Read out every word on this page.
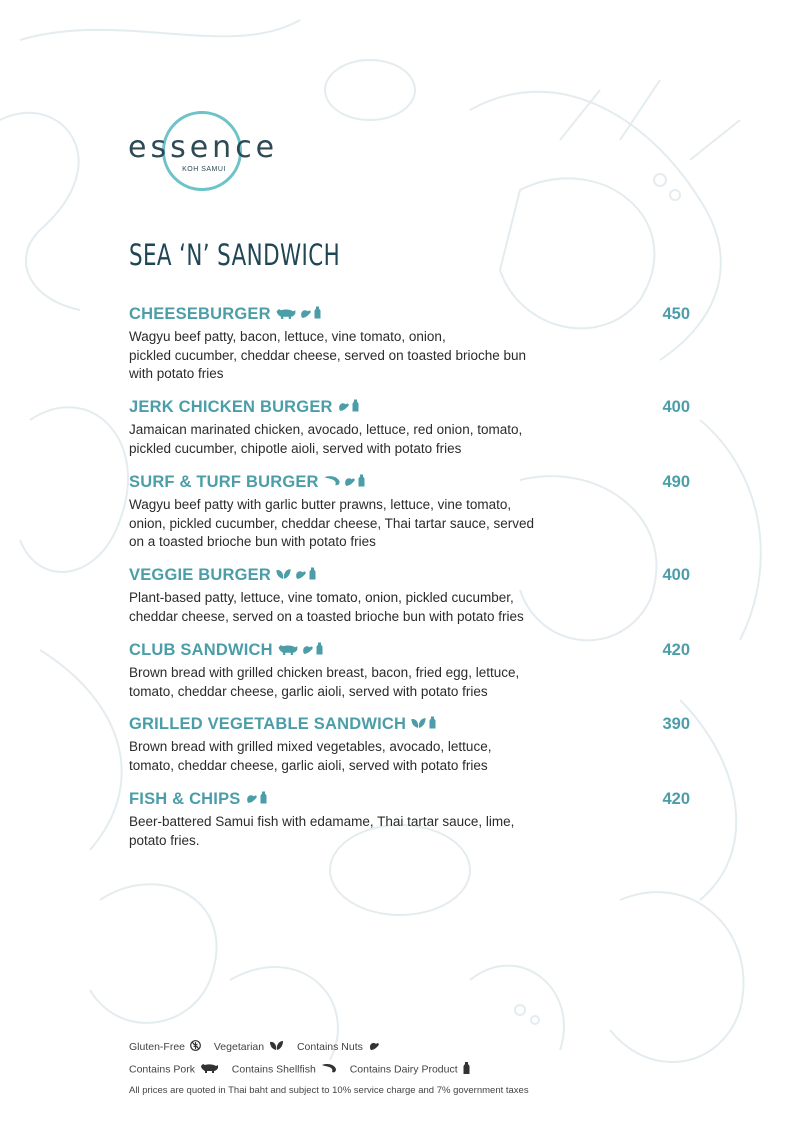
essence
KOH SAMUI
SEA ‘N’ SANDWICH
CHEESEBURGER	450
Wagyu beef patty, bacon, lettuce, vine tomato, onion,
pickled cucumber, cheddar cheese, served on toasted brioche bun
with potato fries
JERK CHICKEN BURGER	400
Jamaican marinated chicken, avocado, lettuce, red onion, tomato,
pickled cucumber, chipotle aioli, served with potato fries
SURF & TURF BURGER	490
Wagyu beef patty with garlic butter prawns, lettuce, vine tomato,
onion, pickled cucumber, cheddar cheese, Thai tartar sauce, served
on a toasted brioche bun with potato fries
VEGGIE BURGER	400
Plant-based patty, lettuce, vine tomato, onion, pickled cucumber,
cheddar cheese, served on a toasted brioche bun with potato fries
CLUB SANDWICH	420
Brown bread with grilled chicken breast, bacon, fried egg, lettuce,
tomato, cheddar cheese, garlic aioli, served with potato fries
GRILLED VEGETABLE SANDWICH	390
Brown bread with grilled mixed vegetables, avocado, lettuce,
tomato, cheddar cheese, garlic aioli, served with potato fries
FISH & CHIPS	420
Beer-battered Samui fish with edamame, Thai tartar sauce, lime,
potato fries.
Gluten-Free	Vegetarian	Contains Nuts
Contains Pork	Contains Shellfish	Contains Dairy Product
All prices are quoted in Thai baht and subject to 10% service charge and 7% government taxes
